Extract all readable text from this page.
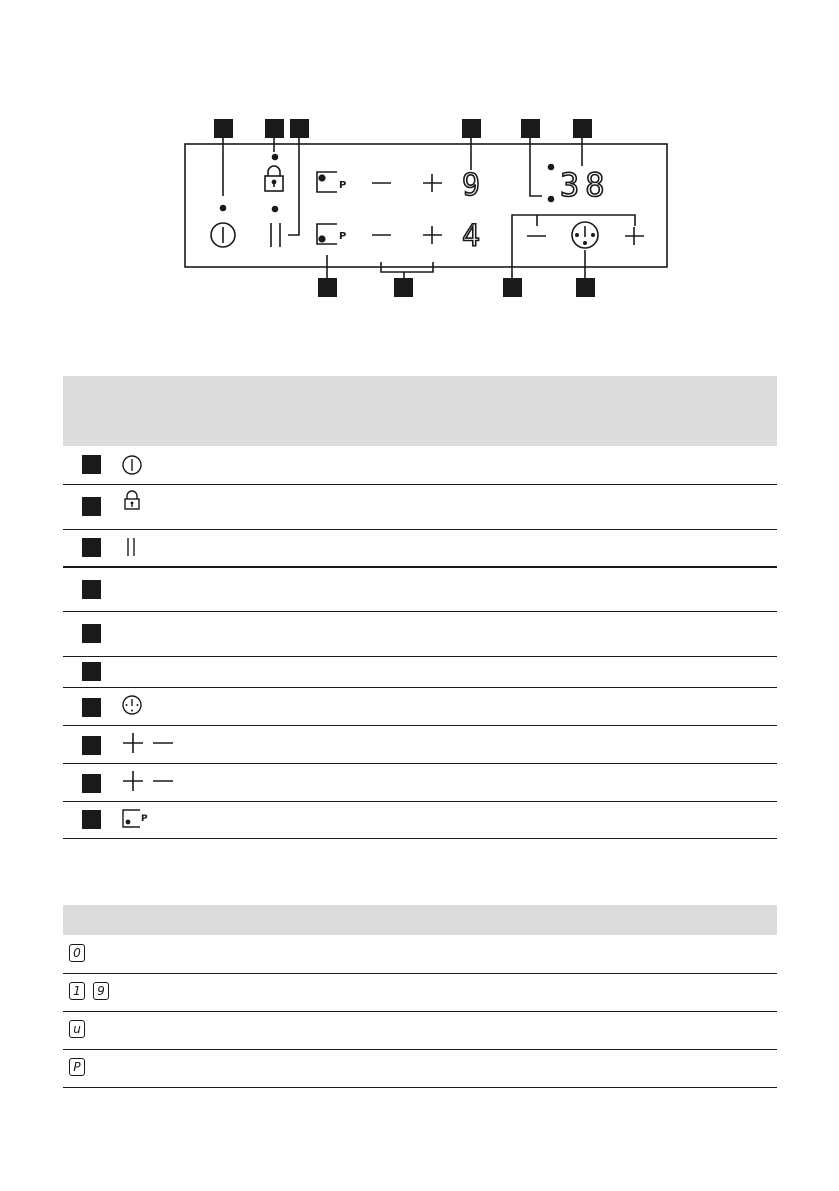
P
P
9
4
38
P
0
1 9
u
P
